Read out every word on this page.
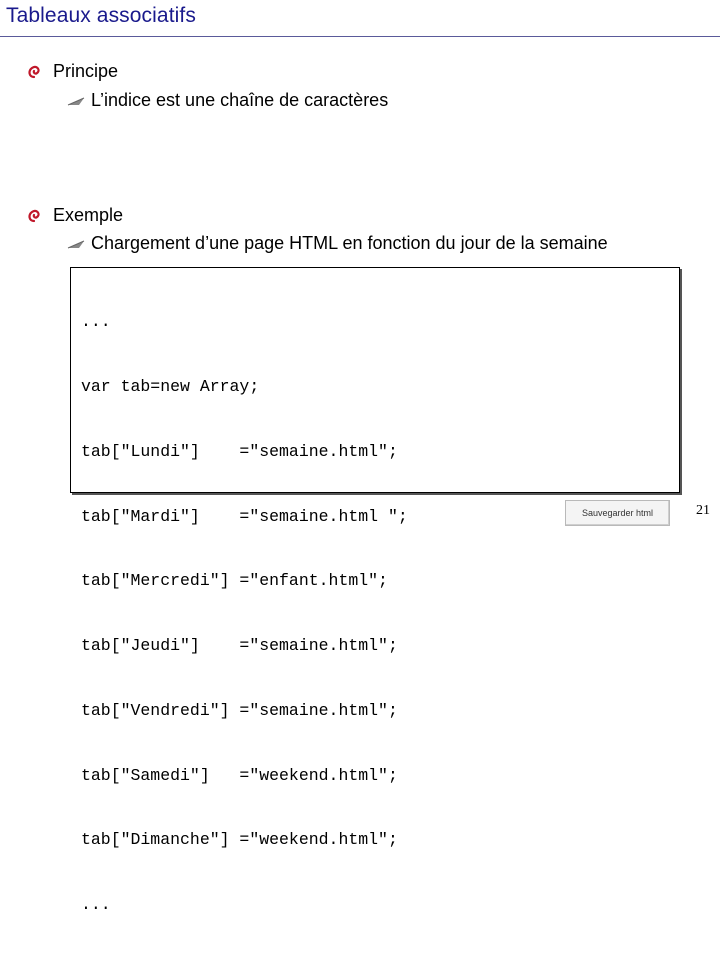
Tableaux associatifs
Principe
L’indice est une chaîne de caractères
Exemple
Chargement d’une page HTML en fonction du jour de la semaine

...

var tab=new Array;

tab["Lundi"]    ="semaine.html";

tab["Mardi"]    ="semaine.html ";

tab["Mercredi"] ="enfant.html";

tab["Jeudi"]    ="semaine.html";

tab["Vendredi"] ="semaine.html";

tab["Samedi"]   ="weekend.html";

tab["Dimanche"] ="weekend.html";

...

Sauvegarder html	21
